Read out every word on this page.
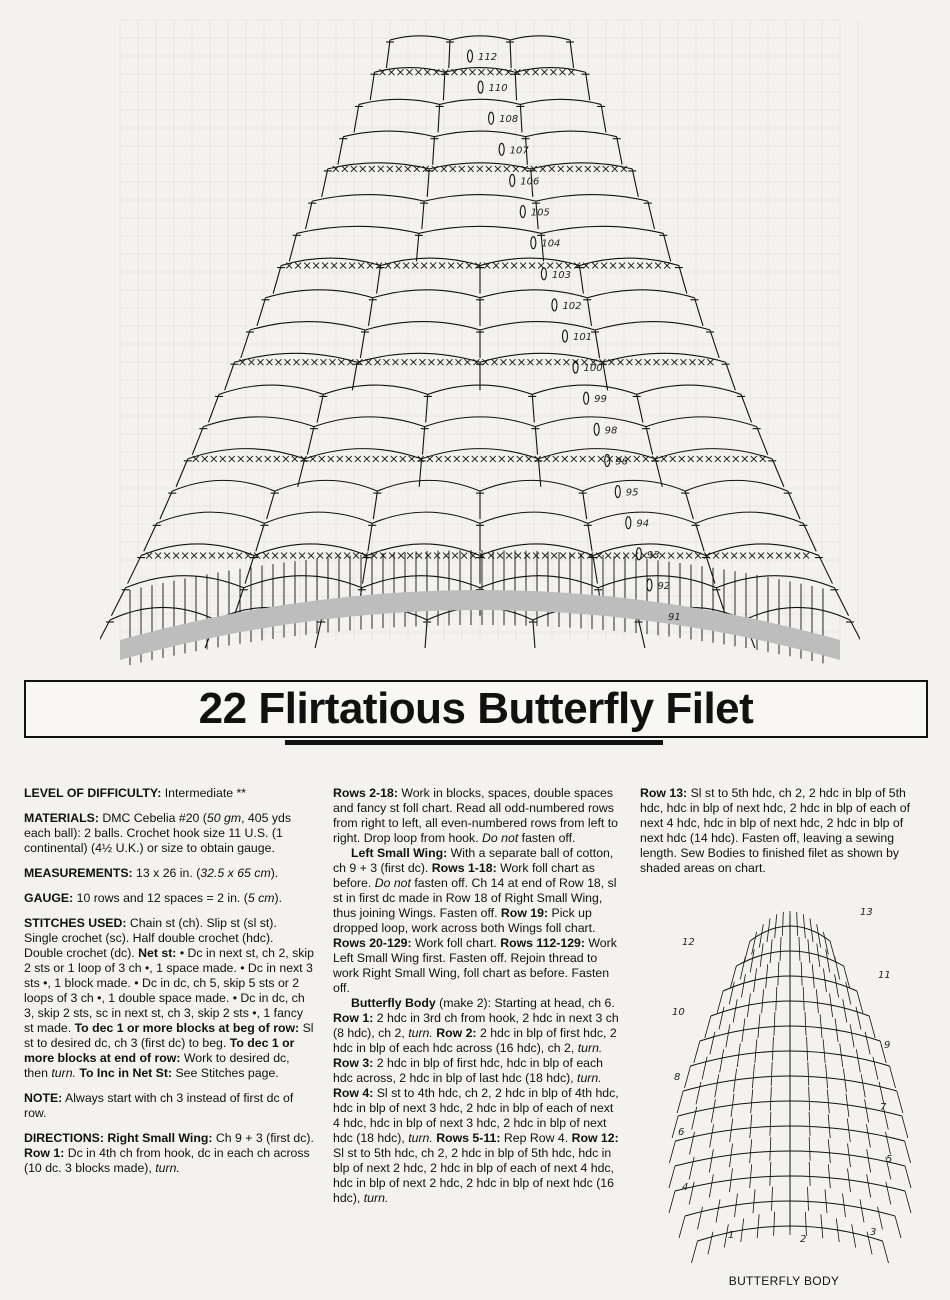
112
110
108
107
106
105
104
103
102
101
100
99
98
96
95
94
93
92
91
22 Flirtatious Butterfly Filet

LEVEL OF DIFFICULTY: Intermediate **

MATERIALS: DMC Cebelia #20 (50 gm, 405 yds each ball): 2 balls. Crochet hook size 11 U.S. (1 continental) (4½ U.K.) or size to obtain gauge.

MEASUREMENTS: 13 x 26 in. (32.5 x 65 cm).

GAUGE: 10 rows and 12 spaces = 2 in. (5 cm).

STITCHES USED: Chain st (ch). Slip st (sl st). Single crochet (sc). Half double crochet (hdc). Double crochet (dc). Net st: • Dc in next st, ch 2, skip 2 sts or 1 loop of 3 ch •, 1 space made. • Dc in next 3 sts •, 1 block made. • Dc in dc, ch 5, skip 5 sts or 2 loops of 3 ch •, 1 double space made. • Dc in dc, ch 3, skip 2 sts, sc in next st, ch 3, skip 2 sts •, 1 fancy st made. To dec 1 or more blocks at beg of row: Sl st to desired dc, ch 3 (first dc) to beg. To dec 1 or more blocks at end of row: Work to desired dc, then turn. To Inc in Net St: See Stitches page.

NOTE: Always start with ch 3 instead of first dc of row.

DIRECTIONS: Right Small Wing: Ch 9 + 3 (first dc). Row 1: Dc in 4th ch from hook, dc in each ch across (10 dc. 3 blocks made), turn.

Rows 2-18: Work in blocks, spaces, double spaces and fancy st foll chart. Read all odd-numbered rows from right to left, all even-numbered rows from left to right. Drop loop from hook. Do not fasten off.

Left Small Wing: With a separate ball of cotton, ch 9 + 3 (first dc). Rows 1-18: Work foll chart as before. Do not fasten off. Ch 14 at end of Row 18, sl st in first dc made in Row 18 of Right Small Wing, thus joining Wings. Fasten off. Row 19: Pick up dropped loop, work across both Wings foll chart. Rows 20-129: Work foll chart. Rows 112-129: Work Left Small Wing first. Fasten off. Rejoin thread to work Right Small Wing, foll chart as before. Fasten off.

Butterfly Body (make 2): Starting at head, ch 6. Row 1: 2 hdc in 3rd ch from hook, 2 hdc in next 3 ch (8 hdc), ch 2, turn. Row 2: 2 hdc in blp of first hdc, 2 hdc in blp of each hdc across (16 hdc), ch 2, turn. Row 3: 2 hdc in blp of first hdc, hdc in blp of each hdc across, 2 hdc in blp of last hdc (18 hdc), turn. Row 4: Sl st to 4th hdc, ch 2, 2 hdc in blp of 4th hdc, hdc in blp of next 3 hdc, 2 hdc in blp of each of next 4 hdc, hdc in blp of next 3 hdc, 2 hdc in blp of next hdc (18 hdc), turn. Rows 5-11: Rep Row 4. Row 12: Sl st to 5th hdc, ch 2, 2 hdc in blp of 5th hdc, hdc in blp of next 2 hdc, 2 hdc in blp of each of next 4 hdc, hdc in blp of next 2 hdc, 2 hdc in blp of next hdc (16 hdc), turn.

Row 13: Sl st to 5th hdc, ch 2, 2 hdc in blp of 5th hdc, hdc in blp of next hdc, 2 hdc in blp of each of next 4 hdc, hdc in blp of next hdc, 2 hdc in blp of next hdc (14 hdc). Fasten off, leaving a sewing length. Sew Bodies to finished filet as shown by shaded areas on chart.

13
12
11
10
9
8
7
6
5
4
3
2
1
BUTTERFLY BODY
